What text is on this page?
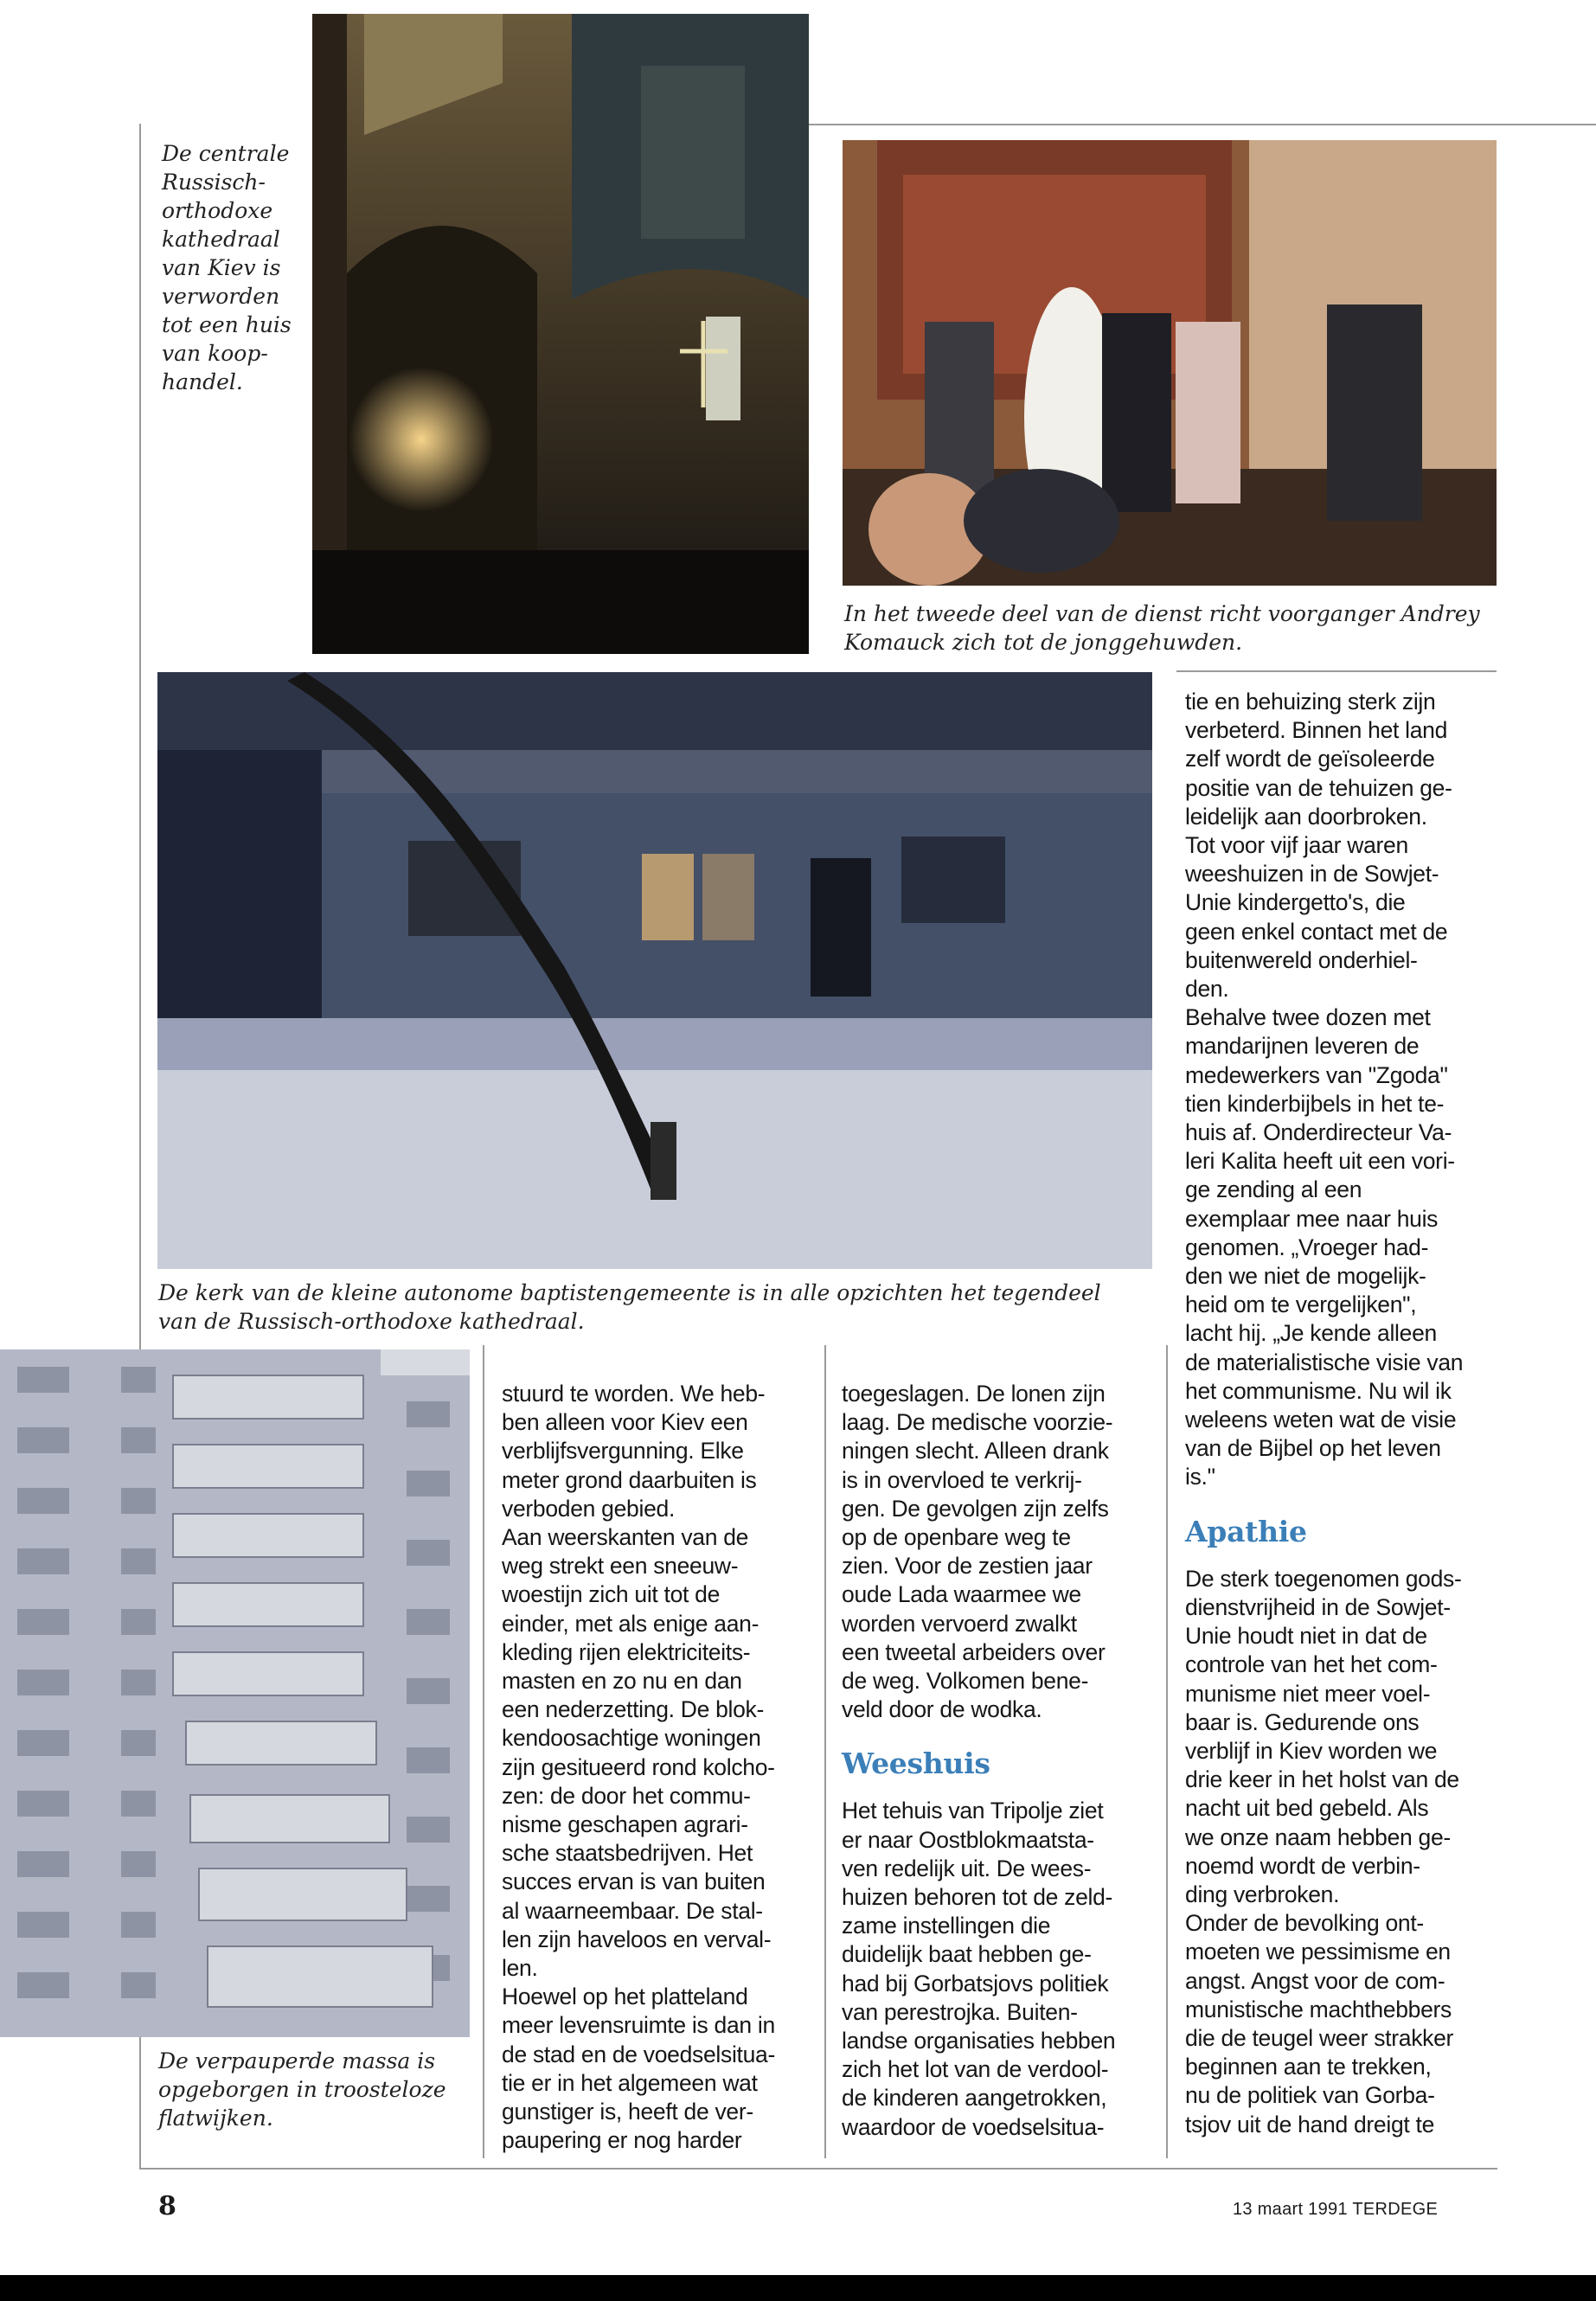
De centrale
Russisch-
orthodoxe
kathedraal
van Kiev is
verworden
tot een huis
van koop-
handel.
In het tweede deel van de dienst richt voorganger Andrey
Komauck zich tot de jonggehuwden.
De kerk van de kleine autonome baptistengemeente is in alle opzichten het tegendeel
van de Russisch-orthodoxe kathedraal.
De verpauperde massa is
opgeborgen in troosteloze
flatwijken.

stuurd te worden. We heb-
ben alleen voor Kiev een
verblijfsvergunning. Elke
meter grond daarbuiten is
verboden gebied.
Aan weerskanten van de
weg strekt een sneeuw-
woestijn zich uit tot de
einder, met als enige aan-
kleding rijen elektriciteits-
masten en zo nu en dan
een nederzetting. De blok-
kendoosachtige woningen
zijn gesitueerd rond kolcho-
zen: de door het commu-
nisme geschapen agrari-
sche staatsbedrijven. Het
succes ervan is van buiten
al waarneembaar. De stal-
len zijn haveloos en verval-
len.
Hoewel op het platteland
meer levensruimte is dan in
de stad en de voedselsitua-
tie er in het algemeen wat
gunstiger is, heeft de ver-
paupering er nog harder

toegeslagen. De lonen zijn
laag. De medische voorzie-
ningen slecht. Alleen drank
is in overvloed te verkrij-
gen. De gevolgen zijn zelfs
op de openbare weg te
zien. Voor de zestien jaar
oude Lada waarmee we
worden vervoerd zwalkt
een tweetal arbeiders over
de weg. Volkomen bene-
veld door de wodka.

Weeshuis

Het tehuis van Tripolje ziet
er naar Oostblokmaatsta-
ven redelijk uit. De wees-
huizen behoren tot de zeld-
zame instellingen die
duidelijk baat hebben ge-
had bij Gorbatsjovs politiek
van perestrojka. Buiten-
landse organisaties hebben
zich het lot van de verdool-
de kinderen aangetrokken,
waardoor de voedselsitua-

tie en behuizing sterk zijn
verbeterd. Binnen het land
zelf wordt de geïsoleerde
positie van de tehuizen ge-
leidelijk aan doorbroken.
Tot voor vijf jaar waren
weeshuizen in de Sowjet-
Unie kindergetto's, die
geen enkel contact met de
buitenwereld onderhiel-
den.
Behalve twee dozen met
mandarijnen leveren de
medewerkers van "Zgoda"
tien kinderbijbels in het te-
huis af. Onderdirecteur Va-
leri Kalita heeft uit een vori-
ge zending al een
exemplaar mee naar huis
genomen. „Vroeger had-
den we niet de mogelijk-
heid om te vergelijken",
lacht hij. „Je kende alleen
de materialistische visie van
het communisme. Nu wil ik
weleens weten wat de visie
van de Bijbel op het leven
is."

Apathie

De sterk toegenomen gods-
dienstvrijheid in de Sowjet-
Unie houdt niet in dat de
controle van het het com-
munisme niet meer voel-
baar is. Gedurende ons
verblijf in Kiev worden we
drie keer in het holst van de
nacht uit bed gebeld. Als
we onze naam hebben ge-
noemd wordt de verbin-
ding verbroken.
Onder de bevolking ont-
moeten we pessimisme en
angst. Angst voor de com-
munistische machthebbers
die de teugel weer strakker
beginnen aan te trekken,
nu de politiek van Gorba-
tsjov uit de hand dreigt te

8	13 maart 1991 TERDEGE
